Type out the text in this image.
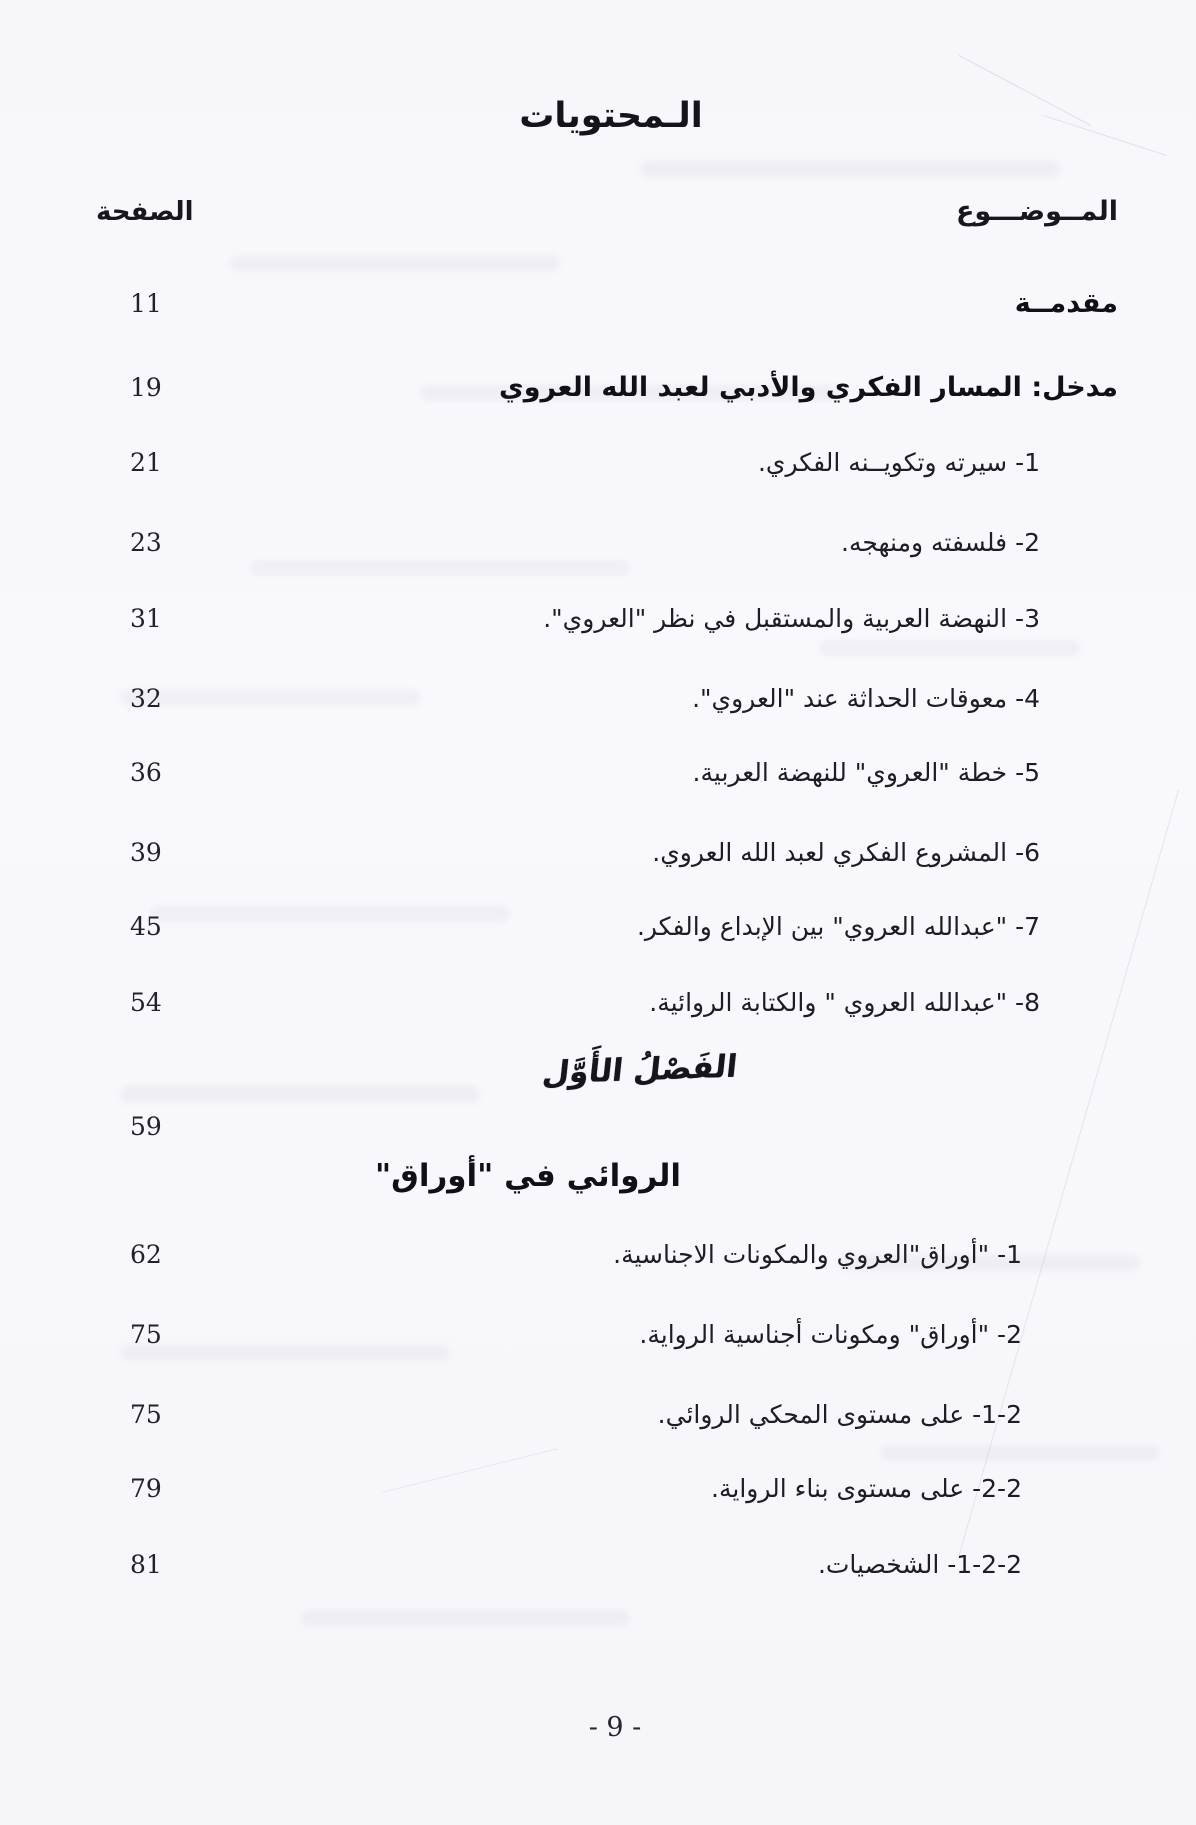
الـمحتويات
الصفحة	المــوضـــوع
11	مقدمــة
19	مدخل: المسار الفكري والأدبي لعبد الله العروي
21	1- سيرته وتكويــنه الفكري.
23	2- فلسفته ومنهجه.
31	3- النهضة العربية والمستقبل في نظر "العروي".
32	4- معوقات الحداثة عند "العروي".
36	5- خطة "العروي" للنهضة العربية.
39	6- المشروع الفكري لعبد الله العروي.
45	7- "عبدالله العروي" بين الإبداع والفكر.
54	8- "عبدالله العروي " والكتابة الروائية.
الفَصْلُ الأَوَّل
59
الروائي في "أوراق"
62	1- "أوراق"العروي والمكونات الاجناسية.
75	2- "أوراق" ومكونات أجناسية الرواية.
75	1-2- على مستوى المحكي الروائي.
79	2-2- على مستوى بناء الرواية.
81	1-2-2- الشخصيات.
- 9 -
